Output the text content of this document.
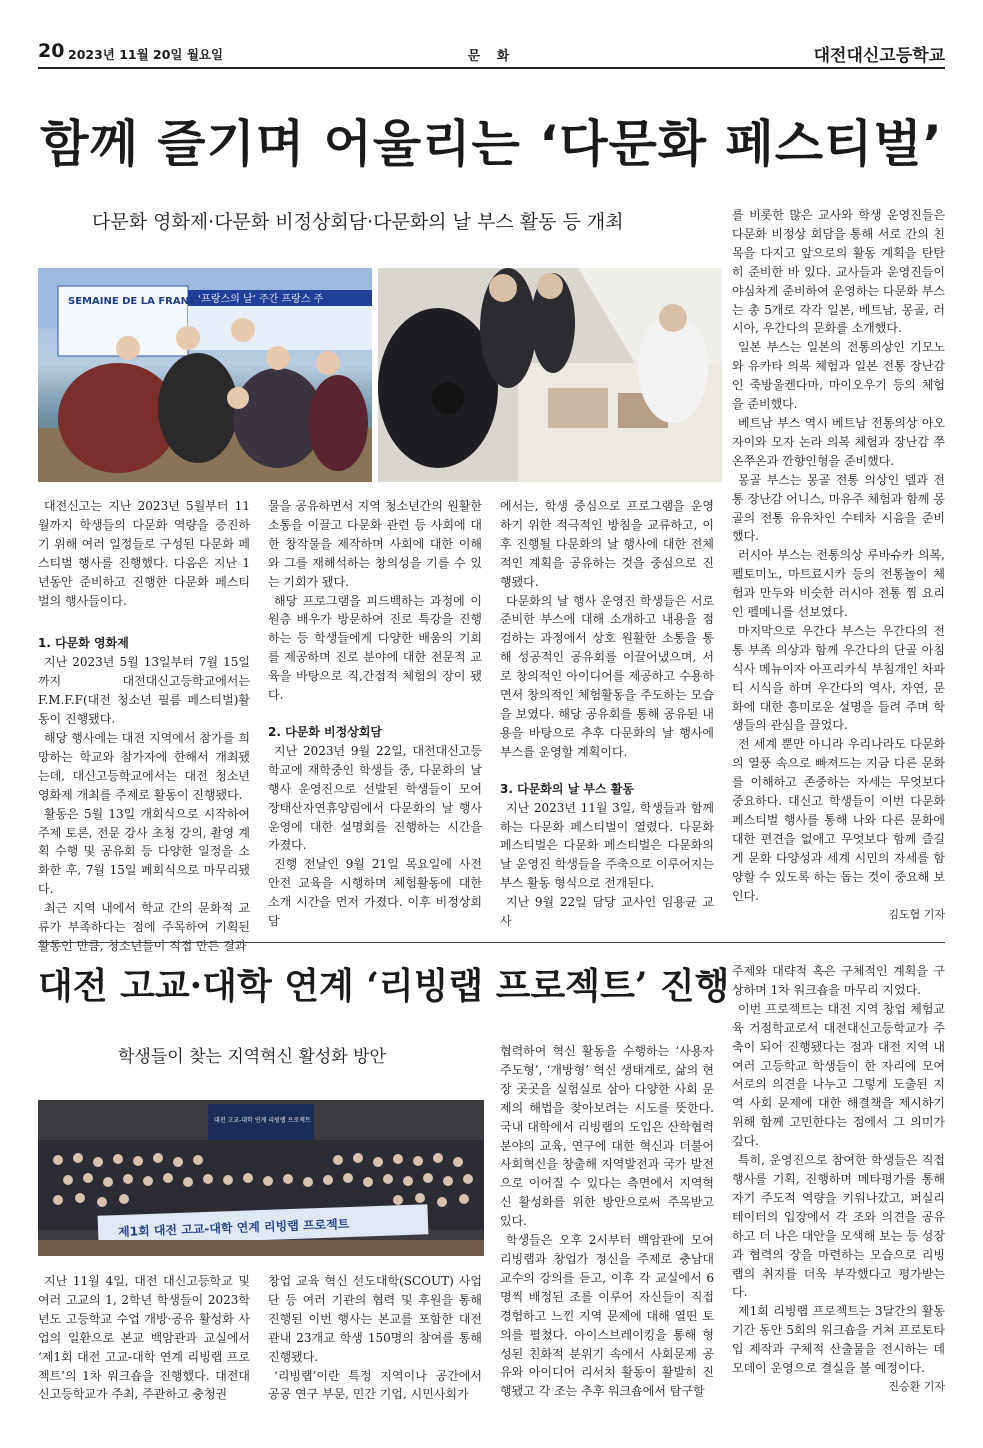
20 2023년 11월 20일 월요일	문 화	대전대신고등학교
함께 즐기며 어울리는 ‘다문화 페스티벌’
다문화 영화제·다문화 비정상회담·다문화의 날 부스 활동 등 개최
SEMAINE DE LA FRANCE
‘프랑스의 날’ 주간 프랑스 주

대전신고는 지난 2023년 5월부터 11월까지 학생들의 다문화 역량을 증진하기 위해 여러 일정들로 구성된 다문화 페스티벌 행사를 진행했다. 다음은 지난 1년동안 준비하고 진행한 다문화 페스티벌의 행사들이다.

1. 다문화 영화제

지난 2023년 5월 13일부터 7월 15일까지 대전대신고등학교에서는 F.M.F.F(대전 청소년 필름 페스티벌)활동이 진행됐다.

해당 행사에는 대전 지역에서 참가를 희망하는 학교와 참가자에 한해서 개최됐는데, 대신고등학교에서는 대전 청소년 영화제 개최를 주제로 활동이 진행됐다.

활동은 5월 13일 개회식으로 시작하여 주제 토론, 전문 강사 초청 강의, 촬영 계획 수행 및 공유회 등 다양한 일정을 소화한 후, 7월 15일 폐회식으로 마무리됐다.

최근 지역 내에서 학교 간의 문화적 교류가 부족하다는 점에 주목하여 기획된 활동인 만큼, 청소년들이 직접 만든 결과

물을 공유하면서 지역 청소년간의 원활한 소통을 이끌고 다문화 관련 등 사회에 대한 창작물을 제작하며 사회에 대한 이해와 그를 재해석하는 창의성을 기를 수 있는 기회가 됐다.

해당 프로그램을 피드백하는 과정에 이원층 배우가 방문하여 진로 특강을 진행하는 등 학생들에게 다양한 배움의 기회를 제공하며 진로 분야에 대한 전문적 교육을 바탕으로 직,간접적 체험의 장이 됐다.

2. 다문화 비정상회담

지난 2023년 9월 22일, 대전대신고등학교에 재학중인 학생들 중, 다문화의 날 행사 운영진으로 선발된 학생들이 모여 장태산자연휴양림에서 다문화의 날 행사 운영에 대한 설명회를 진행하는 시간을 가졌다.

진행 전날인 9월 21일 목요일에 사전 안전 교육을 시행하며 체험활동에 대한 소개 시간을 먼저 가졌다. 이후 비정상회담

에서는, 학생 중심으로 프로그램을 운영하기 위한 적극적인 방침을 교류하고, 이후 진행될 다문화의 날 행사에 대한 전체적인 계획을 공유하는 것을 중심으로 진행됐다.

다문화의 날 행사 운영진 학생들은 서로 준비한 부스에 대해 소개하고 내용을 점검하는 과정에서 상호 원활한 소통을 통해 성공적인 공유회를 이끌어냈으며, 서로 창의적인 아이디어를 제공하고 수용하면서 창의적인 체험활동을 주도하는 모습을 보였다. 해당 공유회를 통해 공유된 내용을 바탕으로 추후 다문화의 날 행사에 부스를 운영할 계획이다.

3. 다문화의 날 부스 활동

지난 2023년 11월 3일, 학생들과 함께하는 다문화 페스티벌이 열렸다. 다문화 페스티벌은 다문화 페스티벌은 다문화의 날 운영진 학생들을 주축으로 이루어지는 부스 활동 형식으로 전개된다.

지난 9월 22일 담당 교사인 임용균 교사

를 비롯한 많은 교사와 학생 운영진들은 다문화 비정상 회담을 통해 서로 간의 친목을 다지고 앞으로의 활동 계획을 탄탄히 준비한 바 있다. 교사들과 운영진들이 야심차게 준비하여 운영하는 다문화 부스는 총 5개로 각각 일본, 베트남, 몽골, 러시아, 우간다의 문화를 소개했다.

일본 부스는 일본의 전통의상인 기모노와 유카타 의복 체험과 일본 전통 장난감인 죽방울켄다마, 마이오우기 등의 체험을 준비했다.

베트남 부스 역시 베트남 전통의상 아오자이와 모자 논라 의복 체험과 장난감 쭈온쭈온과 깐향인형을 준비했다.

몽골 부스는 몽골 전통 의상인 델과 전통 장난감 어니스, 마유주 체험과 함께 몽골의 전통 유유차인 수테차 시음을 준비했다.

러시아 부스는 전통의상 루바슈카 의복, 펠토미노, 마트료시카 등의 전통놀이 체험과 만두와 비슷한 러시아 전통 찜 요리인 펠메니를 선보였다.

마지막으로 우간다 부스는 우간다의 전통 부족 의상과 함께 우간다의 단골 아침 식사 메뉴이자 아프리카식 부침개인 차파티 시식을 하며 우간다의 역사, 자연, 문화에 대한 흥미로운 설명을 들려 주며 학생들의 관심을 끌었다.

전 세계 뿐만 아니라 우리나라도 다문화의 열풍 속으로 빠져드는 지금 다른 문화를 이해하고 존중하는 자세는 무엇보다 중요하다. 대신고 학생들이 이번 다문화 페스티벌 행사를 통해 나와 다른 문화에 대한 편견을 없애고 무엇보다 함께 즐길 게 문화 다양성과 세계 시민의 자세를 함양할 수 있도록 하는 돕는 것이 중요해 보인다.

김도협 기자

대전 고교·대학 연계 ‘리빙랩 프로젝트’ 진행
학생들이 찾는 지역혁신 활성화 방안
대전 고교-대학 연계 리빙랩 프로젝트
제1회 대전 고교-대학 연계 리빙랩 프로젝트

지난 11월 4일, 대전 대신고등학교 및 여러 고교의 1, 2학년 학생들이 2023학년도 고등학교 수업 개방·공유 활성화 사업의 일환으로 본교 백암관과 교실에서 ‘제1회 대전 고교-대학 연계 리빙랩 프로젝트’의 1차 워크숍을 진행했다. 대전대신고등학교가 주최, 주관하고 충청권

창업 교육 혁신 선도대학(SCOUT) 사업단 등 여러 기관의 협력 및 후원을 통해 진행된 이번 행사는 본교를 포함한 대전 관내 23개교 학생 150명의 참여를 통해 진행됐다.

‘리빙랩’이란 특정 지역이나 공간에서 공공 연구 부문, 민간 기업, 시민사회가

협력하여 혁신 활동을 수행하는 ‘사용자 주도형’, ‘개방형’ 혁신 생태계로, 삶의 현장 곳곳을 실험실로 삼아 다양한 사회 문제의 해법을 찾아보려는 시도를 뜻한다. 국내 대학에서 리빙랩의 도입은 산학협력 분야의 교육, 연구에 대한 혁신과 더불어 사회혁신을 창출해 지역발전과 국가 발전으로 이어질 수 있다는 측면에서 지역혁신 활성화를 위한 방안으로써 주목받고 있다.

학생들은 오후 2시부터 백암관에 모여 리빙랩과 창업가 정신을 주제로 충남대 교수의 강의를 듣고, 이후 각 교실에서 6명씩 배정된 조를 이루어 자신들이 직접 경험하고 느낀 지역 문제에 대해 열띤 토의를 펼쳤다. 아이스브레이킹을 통해 형성된 친화적 분위기 속에서 사회문제 공유와 아이디어 리서치 활동이 활발히 진행됐고 각 조는 추후 워크숍에서 탐구할

주제와 대략적 혹은 구체적인 계획을 구상하며 1차 워크숍을 마무리 지었다.

이번 프로젝트는 대전 지역 창업 체험교육 거점학교로서 대전대신고등학교가 주축이 되어 진행됐다는 점과 대전 지역 내 여러 고등학교 학생들이 한 자리에 모여 서로의 의견을 나누고 그렇게 도출된 지역 사회 문제에 대한 해결책을 제시하기 위해 함께 고민한다는 점에서 그 의미가 깊다.

특히, 운영진으로 참여한 학생들은 직접 행사를 기획, 진행하며 메타평가를 통해 자기 주도적 역량을 키워나갔고, 퍼실리테이터의 입장에서 각 조와 의견을 공유하고 더 나은 대안을 모색해 보는 등 성장과 협력의 장을 마련하는 모습으로 리빙랩의 취지를 더욱 부각했다고 평가받는다.

제1회 리빙랩 프로젝트는 3달간의 활동 기간 동안 5회의 워크숍을 거쳐 프로토타입 제작과 구체적 산출물을 전시하는 데모데이 운영으로 결실을 볼 예정이다.

진승환 기자
